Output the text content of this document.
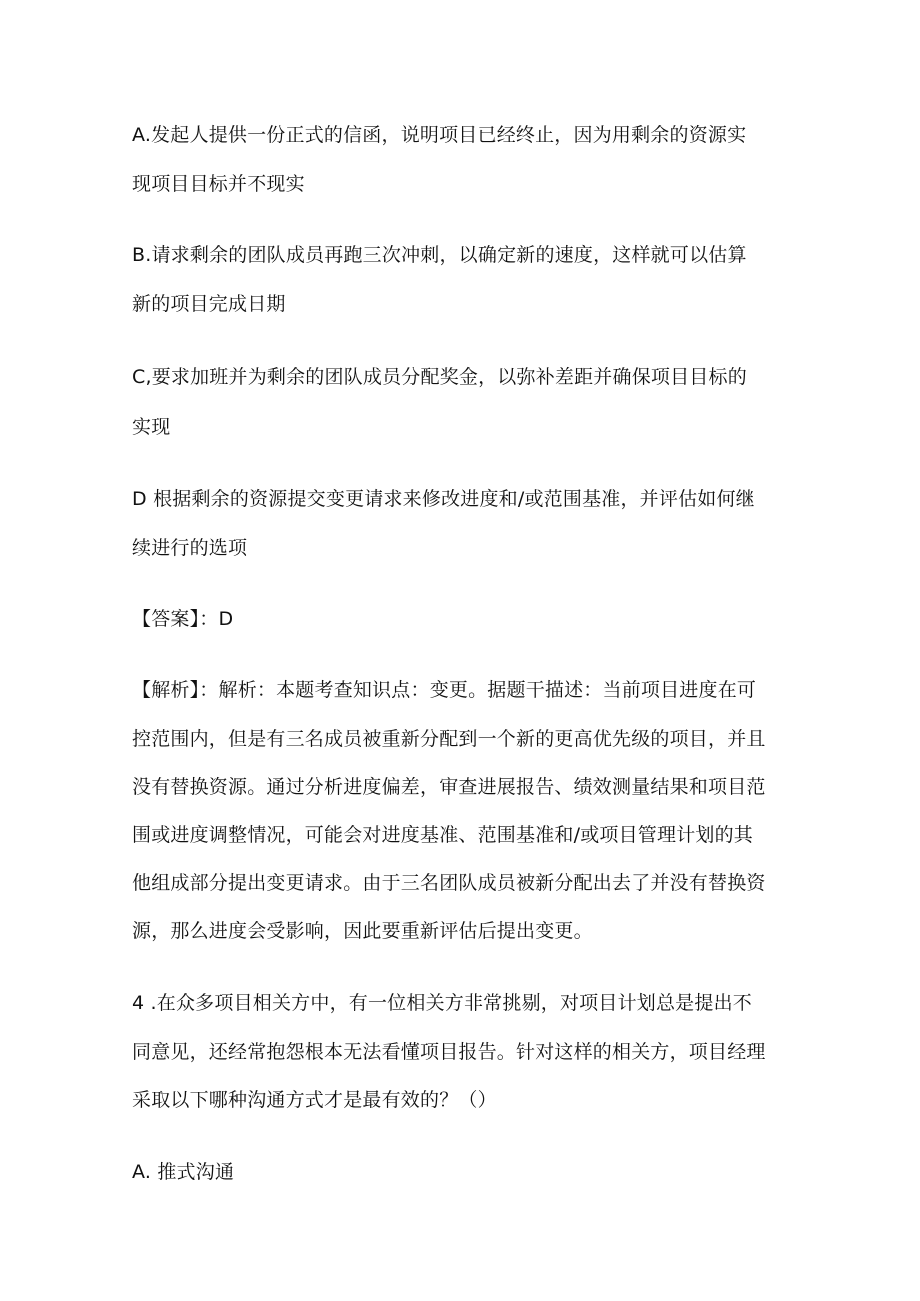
A.发起人提供一份正式的信函，说明项目已经终止，因为用剩余的资源实
现项目目标并不现实
B.请求剩余的团队成员再跑三次冲刺，以确定新的速度，这样就可以估算
新的项目完成日期
C,要求加班并为剩余的团队成员分配奖金，以弥补差距并确保项目目标的
实现
D 根据剩余的资源提交变更请求来修改进度和/或范围基准，并评估如何继
续进行的选项
【答案】：D
【解析】：解析：本题考查知识点：变更。据题干描述：当前项目进度在可
控范围内，但是有三名成员被重新分配到一个新的更高优先级的项目，并且
没有替换资源。通过分析进度偏差，审查进展报告、绩效测量结果和项目范
围或进度调整情况，可能会对进度基准、范围基准和/或项目管理计划的其
他组成部分提出变更请求。由于三名团队成员被新分配出去了并没有替换资
源，那么进度会受影响，因此要重新评估后提出变更。
4 .在众多项目相关方中，有一位相关方非常挑剔，对项目计划总是提出不
同意见，还经常抱怨根本无法看懂项目报告。针对这样的相关方，项目经理
采取以下哪种沟通方式才是最有效的？（）
A. 推式沟通
